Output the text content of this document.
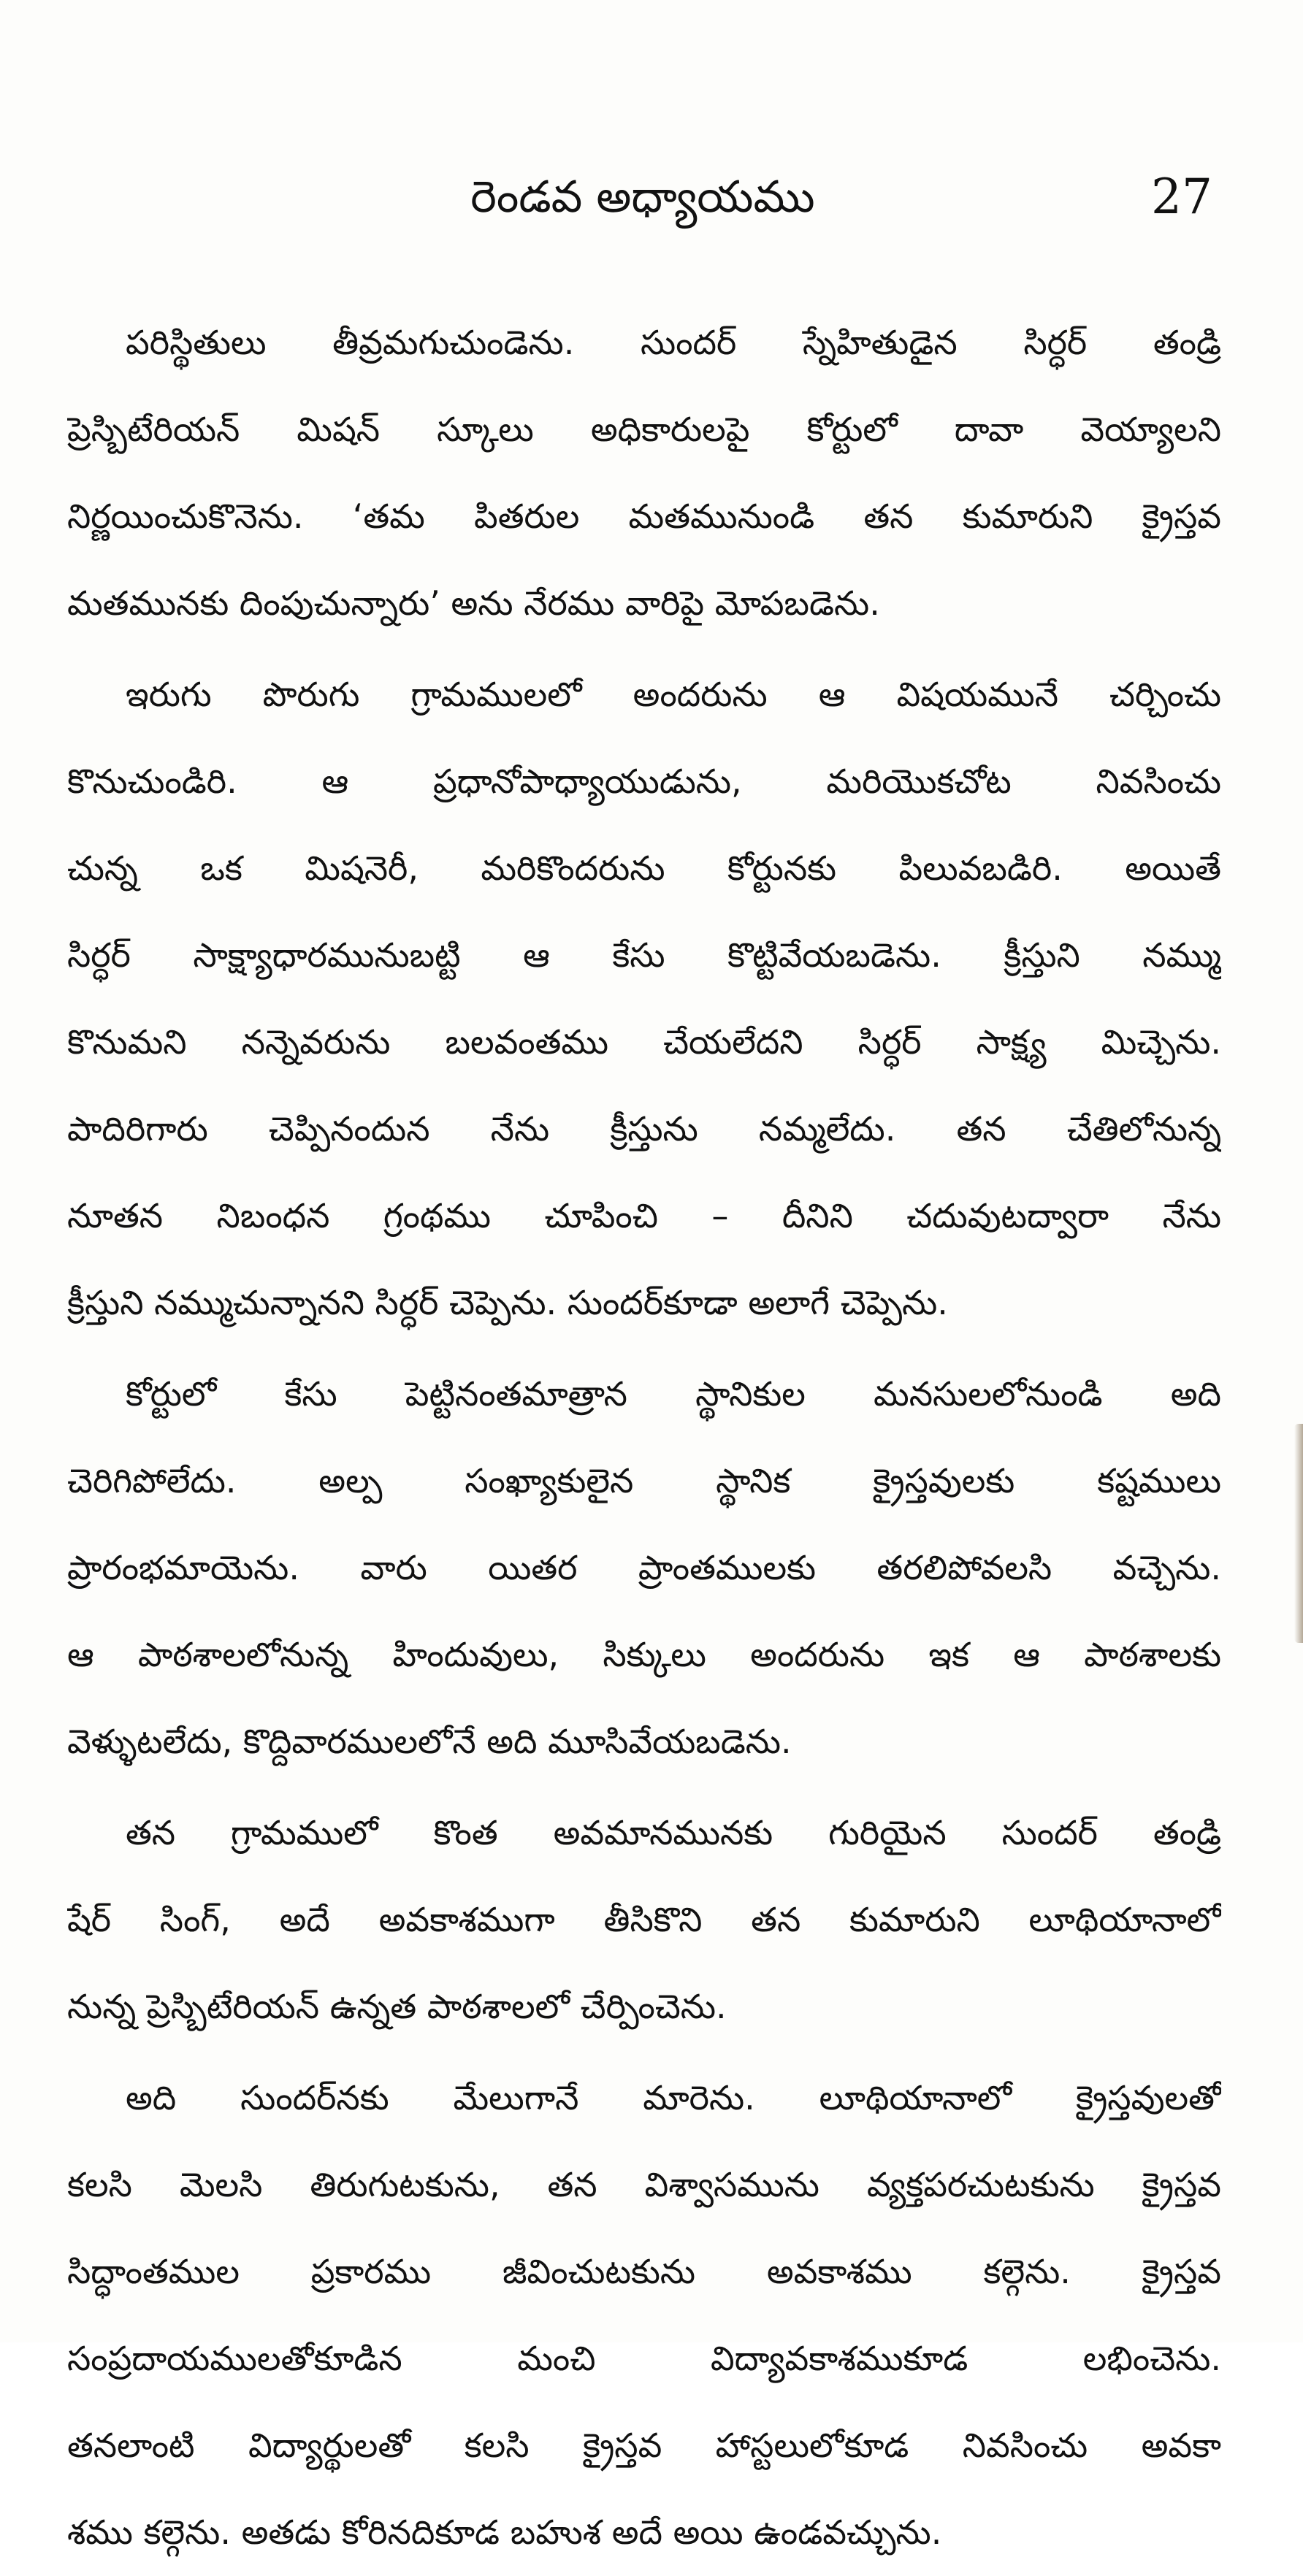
రెండవ అధ్యాయము	27
పరిస్థితులు తీవ్రమగుచుండెను. సుందర్ స్నేహితుడైన సిర్ధర్ తండ్రి
ప్రెస్బిటేరియన్ మిషన్ స్కూలు అధికారులపై కోర్టులో దావా వెయ్యాలని
నిర్ణయించుకొనెను. ‘తమ పితరుల మతమునుండి తన కుమారుని క్రైస్తవ
మతమునకు దింపుచున్నారు’ అను నేరము వారిపై మోపబడెను.
ఇరుగు పొరుగు గ్రామములలో అందరును ఆ విషయమునే చర్చించు
కొనుచుండిరి. ఆ ప్రధానోపాధ్యాయుడును, మరియొకచోట నివసించు
చున్న ఒక మిషనెరీ, మరికొందరును కోర్టునకు పిలువబడిరి. అయితే
సిర్ధర్ సాక్ష్యాధారమునుబట్టి ఆ కేసు కొట్టివేయబడెను. క్రీస్తుని నమ్ము
కొనుమని నన్నెవరును బలవంతము చేయలేదని సిర్ధర్ సాక్ష్య మిచ్చెను.
పాదిరిగారు చెప్పినందున నేను క్రీస్తును నమ్మలేదు. తన చేతిలోనున్న
నూతన నిబంధన గ్రంథము చూపించి – దీనిని చదువుటద్వారా నేను
క్రీస్తుని నమ్ముచున్నానని సిర్ధర్ చెప్పెను. సుందర్‌కూడా అలాగే చెప్పెను.
కోర్టులో కేసు పెట్టినంతమాత్రాన స్థానికుల మనసులలోనుండి అది
చెరిగిపోలేదు. అల్ప సంఖ్యాకులైన స్థానిక క్రైస్తవులకు కష్టములు
ప్రారంభమాయెను. వారు యితర ప్రాంతములకు తరలిపోవలసి వచ్చెను.
ఆ పాఠశాలలోనున్న హిందువులు, సిక్కులు అందరును ఇక ఆ పాఠశాలకు
వెళ్ళుటలేదు, కొద్దివారములలోనే అది మూసివేయబడెను.
తన గ్రామములో కొంత అవమానమునకు గురియైన సుందర్ తండ్రి
షేర్ సింగ్, అదే అవకాశముగా తీసికొని తన కుమారుని లూథియానాలో
నున్న ప్రెస్బిటేరియన్ ఉన్నత పాఠశాలలో చేర్పించెను.
అది సుందర్‌నకు మేలుగానే మారెను. లూథియానాలో క్రైస్తవులతో
కలసి మెలసి తిరుగుటకును, తన విశ్వాసమును వ్యక్తపరచుటకును క్రైస్తవ
సిద్ధాంతముల ప్రకారము జీవించుటకును అవకాశము కల్గెను. క్రైస్తవ
సంప్రదాయములతోకూడిన మంచి విద్యావకాశముకూడ లభించెను.
తనలాంటి విద్యార్థులతో కలసి క్రైస్తవ హాస్టలులోకూడ నివసించు అవకా
శము కల్గెను. అతడు కోరినదికూడ బహుశ అదే అయి ఉండవచ్చును.
